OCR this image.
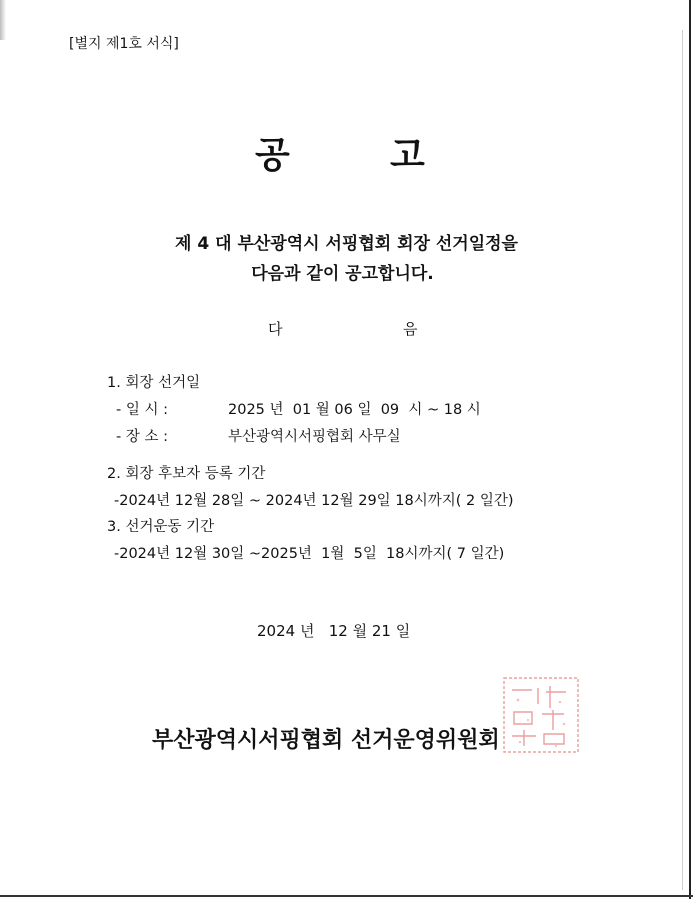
[별지 제1호 서식]
공	고
제 4 대 부산광역시 서핑협회 회장 선거일정을
다음과 같이 공고합니다.
다	음
1. 회장 선거일
- 일 시 :	2025 년  01 월 06 일  09  시 ~ 18 시
- 장 소 :	부산광역시서핑협회 사무실
2. 회장 후보자 등록 기간
-2024년 12월 28일 ~ 2024년 12월 29일 18시까지( 2 일간)
3. 선거운동 기간
-2024년 12월 30일 ~2025년  1월  5일  18시까지( 7 일간)
2024 년   12 월 21 일
부산광역시서핑협회 선거운영위원회
